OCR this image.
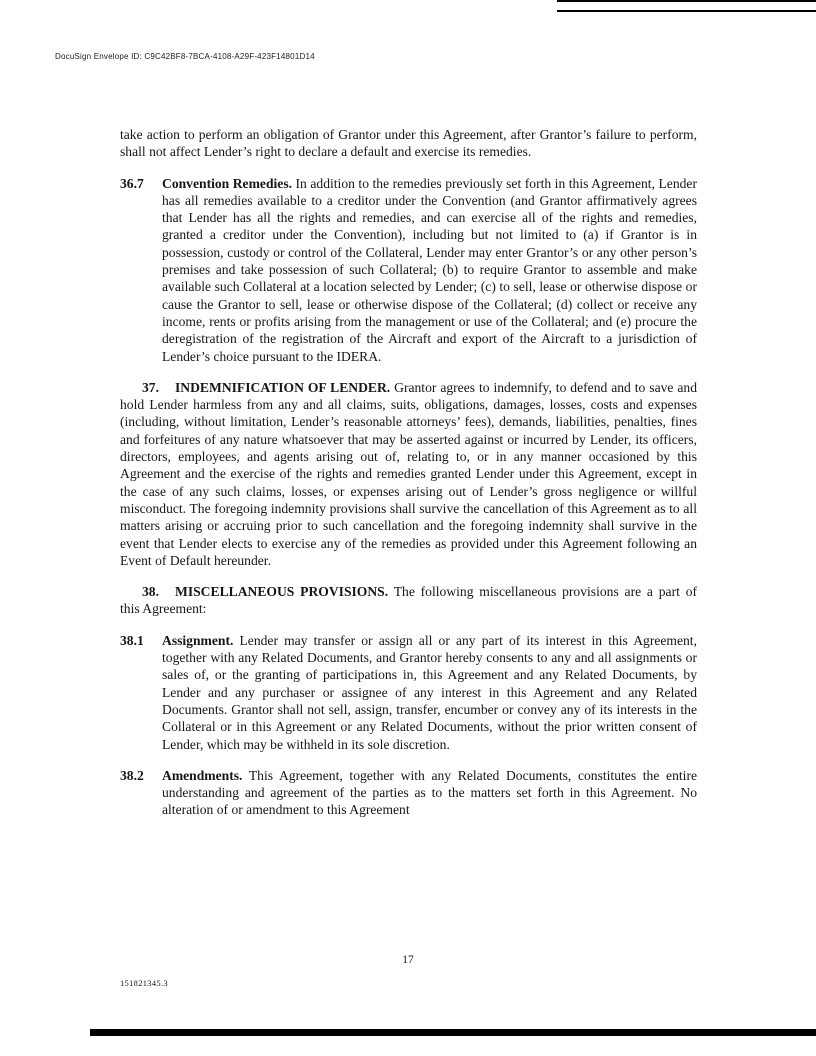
DocuSign Envelope ID: C9C42BF8-7BCA-4108-A29F-423F14801D14

take action to perform an obligation of Grantor under this Agreement, after Grantor’s failure to perform, shall not affect Lender’s right to declare a default and exercise its remedies.

36.7	Convention Remedies. In addition to the remedies previously set forth in this Agreement, Lender has all remedies available to a creditor under the Convention (and Grantor affirmatively agrees that Lender has all the rights and remedies, and can exercise all of the rights and remedies, granted a creditor under the Convention), including but not limited to (a) if Grantor is in possession, custody or control of the Collateral, Lender may enter Grantor’s or any other person’s premises and take possession of such Collateral; (b) to require Grantor to assemble and make available such Collateral at a location selected by Lender; (c) to sell, lease or otherwise dispose or cause the Grantor to sell, lease or otherwise dispose of the Collateral; (d) collect or receive any income, rents or profits arising from the management or use of the Collateral; and (e) procure the deregistration of the registration of the Aircraft and export of the Aircraft to a jurisdiction of Lender’s choice pursuant to the IDERA.

37. INDEMNIFICATION OF LENDER. Grantor agrees to indemnify, to defend and to save and hold Lender harmless from any and all claims, suits, obligations, damages, losses, costs and expenses (including, without limitation, Lender’s reasonable attorneys’ fees), demands, liabilities, penalties, fines and forfeitures of any nature whatsoever that may be asserted against or incurred by Lender, its officers, directors, employees, and agents arising out of, relating to, or in any manner occasioned by this Agreement and the exercise of the rights and remedies granted Lender under this Agreement, except in the case of any such claims, losses, or expenses arising out of Lender’s gross negligence or willful misconduct. The foregoing indemnity provisions shall survive the cancellation of this Agreement as to all matters arising or accruing prior to such cancellation and the foregoing indemnity shall survive in the event that Lender elects to exercise any of the remedies as provided under this Agreement following an Event of Default hereunder.

38. MISCELLANEOUS PROVISIONS. The following miscellaneous provisions are a part of this Agreement:

38.1	Assignment. Lender may transfer or assign all or any part of its interest in this Agreement, together with any Related Documents, and Grantor hereby consents to any and all assignments or sales of, or the granting of participations in, this Agreement and any Related Documents, by Lender and any purchaser or assignee of any interest in this Agreement and any Related Documents. Grantor shall not sell, assign, transfer, encumber or convey any of its interests in the Collateral or in this Agreement or any Related Documents, without the prior written consent of Lender, which may be withheld in its sole discretion.
38.2	Amendments. This Agreement, together with any Related Documents, constitutes the entire understanding and agreement of the parties as to the matters set forth in this Agreement. No alteration of or amendment to this Agreement
17
151821345.3
